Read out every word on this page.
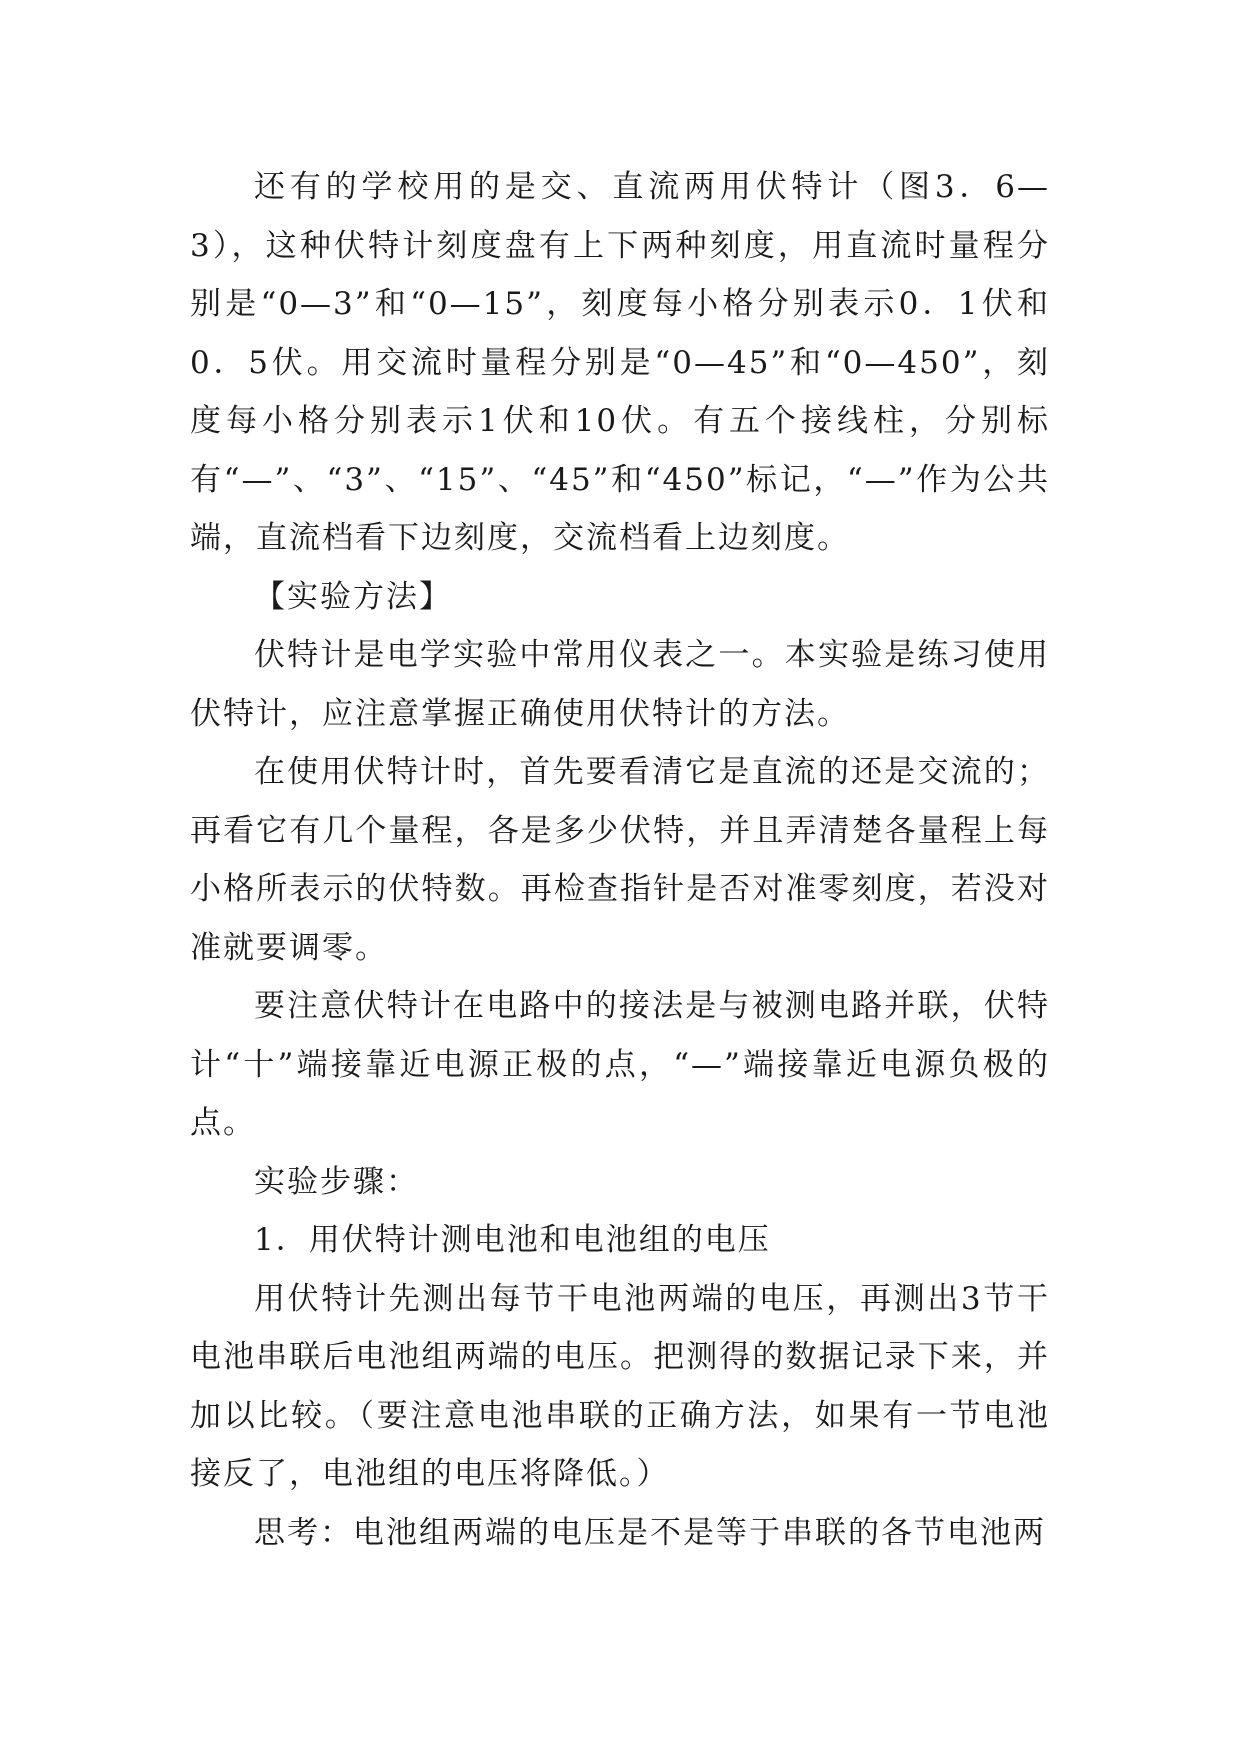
还有的学校用的是交、直流两用伏特计（图3．6—3），这种伏特计刻度盘有上下两种刻度，用直流时量程分别是“0—3”和“0—15”，刻度每小格分别表示0．1伏和0．5伏。用交流时量程分别是“0—45”和“0—450”，刻度每小格分别表示1伏和10伏。有五个接线柱，分别标有“—”、“3”、“15”、“45”和“450”标记，“—”作为公共端，直流档看下边刻度，交流档看上边刻度。

【实验方法】

伏特计是电学实验中常用仪表之一。本实验是练习使用伏特计，应注意掌握正确使用伏特计的方法。

在使用伏特计时，首先要看清它是直流的还是交流的；再看它有几个量程，各是多少伏特，并且弄清楚各量程上每小格所表示的伏特数。再检查指针是否对准零刻度，若没对准就要调零。

要注意伏特计在电路中的接法是与被测电路并联，伏特计“十”端接靠近电源正极的点，“—”端接靠近电源负极的点。

实验步骤：

1．用伏特计测电池和电池组的电压

用伏特计先测出每节干电池两端的电压，再测出3节干电池串联后电池组两端的电压。把测得的数据记录下来，并加以比较。（要注意电池串联的正确方法，如果有一节电池接反了，电池组的电压将降低。）

思考：电池组两端的电压是不是等于串联的各节电池两
